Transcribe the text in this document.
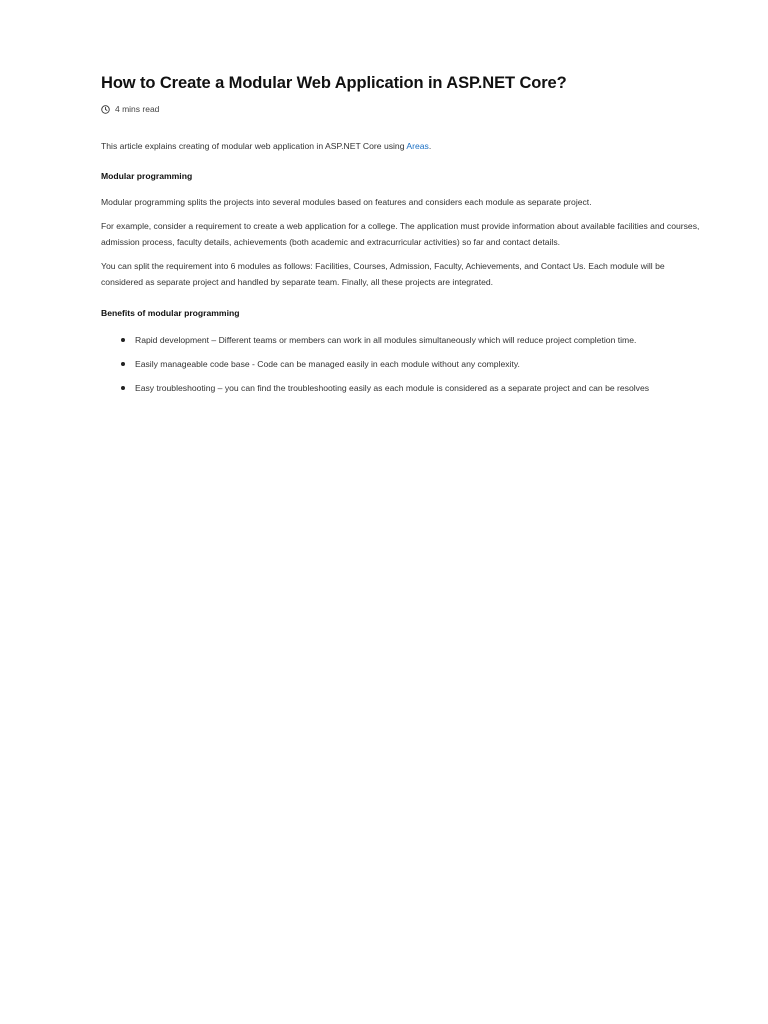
How to Create a Modular Web Application in ASP.NET Core?
4 mins read
This article explains creating of modular web application in ASP.NET Core using Areas.
Modular programming

Modular programming splits the projects into several modules based on features and considers each module as separate project.

For example, consider a requirement to create a web application for a college. The application must provide information about available facilities and courses, admission process, faculty details, achievements (both academic and extracurricular activities) so far and contact details.

You can split the requirement into 6 modules as follows: Facilities, Courses, Admission, Faculty, Achievements, and Contact Us. Each module will be considered as separate project and handled by separate team. Finally, all these projects are integrated.

Benefits of modular programming
Rapid development – Different teams or members can work in all modules simultaneously which will reduce project completion time.
Easily manageable code base - Code can be managed easily in each module without any complexity.
Easy troubleshooting – you can find the troubleshooting easily as each module is considered as a separate project and can be resolves
